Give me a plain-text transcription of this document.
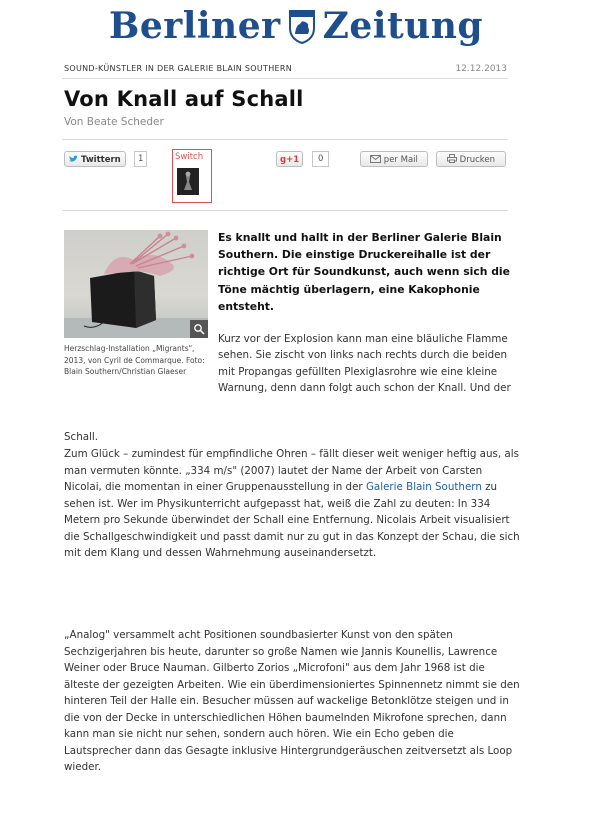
Berliner Zeitung
SOUND-KÜNSTLER IN DER GALERIE BLAIN SOUTHERN	12.12.2013
Von Knall auf Schall
Von Beate Scheder
Twittern	1	Switch	g+1	0	per Mail	Drucken
Herzschlag-Installation „Migrants", 2013, von Cyril de Commarque. Foto: Blain Southern/Christian Glaeser
Es knallt und hallt in der Berliner Galerie Blain Southern. Die einstige Druckereihalle ist der richtige Ort für Soundkunst, auch wenn sich die Töne mächtig überlagern, eine Kakophonie entsteht.
Kurz vor der Explosion kann man eine bläuliche Flamme sehen. Sie zischt von links nach rechts durch die beiden mit Propangas gefüllten Plexiglasrohre wie eine kleine Warnung, denn dann folgt auch schon der Knall. Und der
Schall.
Zum Glück – zumindest für empfindliche Ohren – fällt dieser weit weniger heftig aus, als man vermuten könnte. „334 m/s" (2007) lautet der Name der Arbeit von Carsten Nicolai, die momentan in einer Gruppenausstellung in der Galerie Blain Southern zu sehen ist. Wer im Physikunterricht aufgepasst hat, weiß die Zahl zu deuten: In 334 Metern pro Sekunde überwindet der Schall eine Entfernung. Nicolais Arbeit visualisiert die Schallgeschwindigkeit und passt damit nur zu gut in das Konzept der Schau, die sich mit dem Klang und dessen Wahrnehmung auseinandersetzt.
„Analog" versammelt acht Positionen soundbasierter Kunst von den späten Sechzigerjahren bis heute, darunter so große Namen wie Jannis Kounellis, Lawrence Weiner oder Bruce Nauman. Gilberto Zorios „Microfoni" aus dem Jahr 1968 ist die älteste der gezeigten Arbeiten. Wie ein überdimensioniertes Spinnennetz nimmt sie den hinteren Teil der Halle ein. Besucher müssen auf wackelige Betonklötze steigen und in die von der Decke in unterschiedlichen Höhen baumelnden Mikrofone sprechen, dann kann man sie nicht nur sehen, sondern auch hören. Wie ein Echo geben die Lautsprecher dann das Gesagte inklusive Hintergrundgeräuschen zeitversetzt als Loop wieder.
